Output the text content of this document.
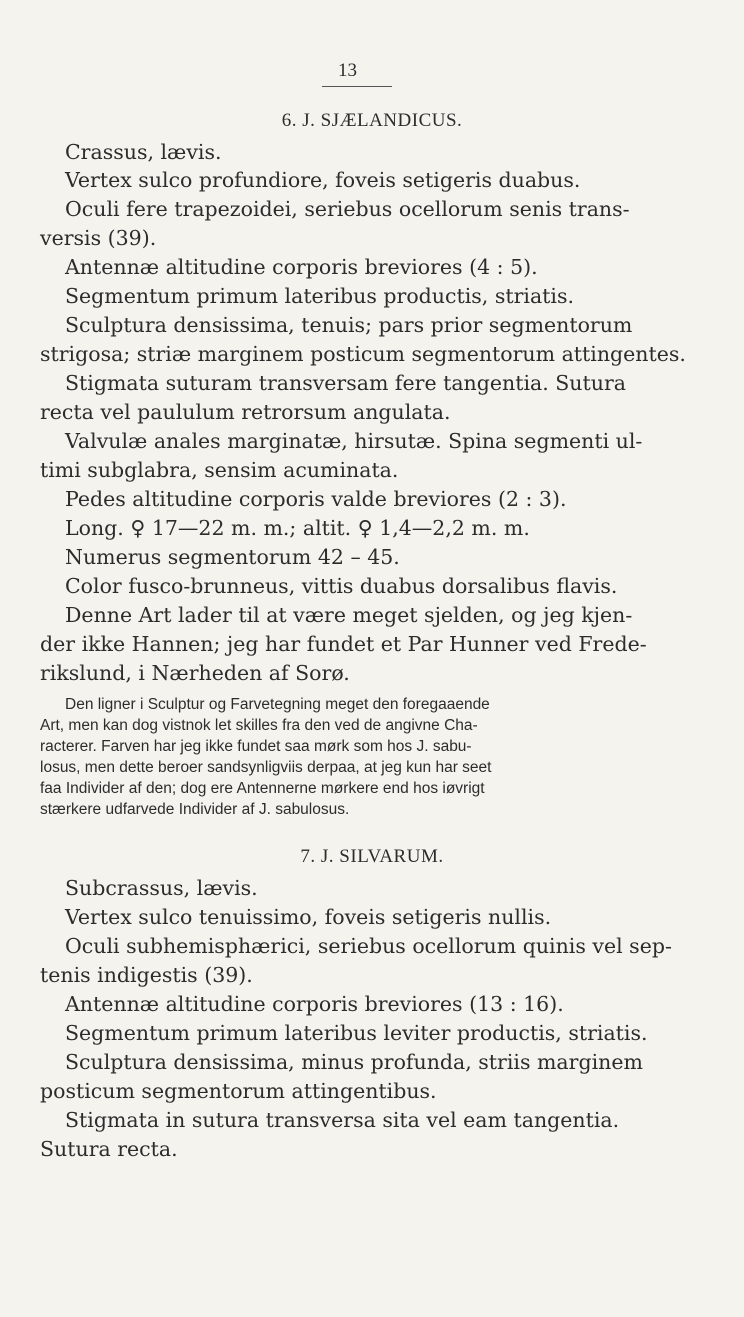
13
6. J. SJÆLANDICUS.
Crassus, lævis.
Vertex sulco profundiore, foveis setigeris duabus.
Oculi fere trapezoidei, seriebus ocellorum senis trans-
versis (39).
Antennæ altitudine corporis breviores (4 : 5).
Segmentum primum lateribus productis, striatis.
Sculptura densissima, tenuis; pars prior segmentorum
strigosa; striæ marginem posticum segmentorum attingentes.
Stigmata suturam transversam fere tangentia. Sutura
recta vel paululum retrorsum angulata.
Valvulæ anales marginatæ, hirsutæ. Spina segmenti ul-
timi subglabra, sensim acuminata.
Pedes altitudine corporis valde breviores (2 : 3).
Long. ♀ 17—22 m. m.; altit. ♀ 1,4—2,2 m. m.
Numerus segmentorum 42 – 45.
Color fusco-brunneus, vittis duabus dorsalibus flavis.
Denne Art lader til at være meget sjelden, og jeg kjen-
der ikke Hannen; jeg har fundet et Par Hunner ved Frede-
rikslund, i Nærheden af Sorø.
Den ligner i Sculptur og Farvetegning meget den foregaaende
Art, men kan dog vistnok let skilles fra den ved de angivne Cha-
racterer. Farven har jeg ikke fundet saa mørk som hos J. sabu-
losus, men dette beroer sandsynligviis derpaa, at jeg kun har seet
faa Individer af den; dog ere Antennerne mørkere end hos iøvrigt
stærkere udfarvede Individer af J. sabulosus.
7. J. SILVARUM.
Subcrassus, lævis.
Vertex sulco tenuissimo, foveis setigeris nullis.
Oculi subhemisphærici, seriebus ocellorum quinis vel sep-
tenis indigestis (39).
Antennæ altitudine corporis breviores (13 : 16).
Segmentum primum lateribus leviter productis, striatis.
Sculptura densissima, minus profunda, striis marginem
posticum segmentorum attingentibus.
Stigmata in sutura transversa sita vel eam tangentia.
Sutura recta.
